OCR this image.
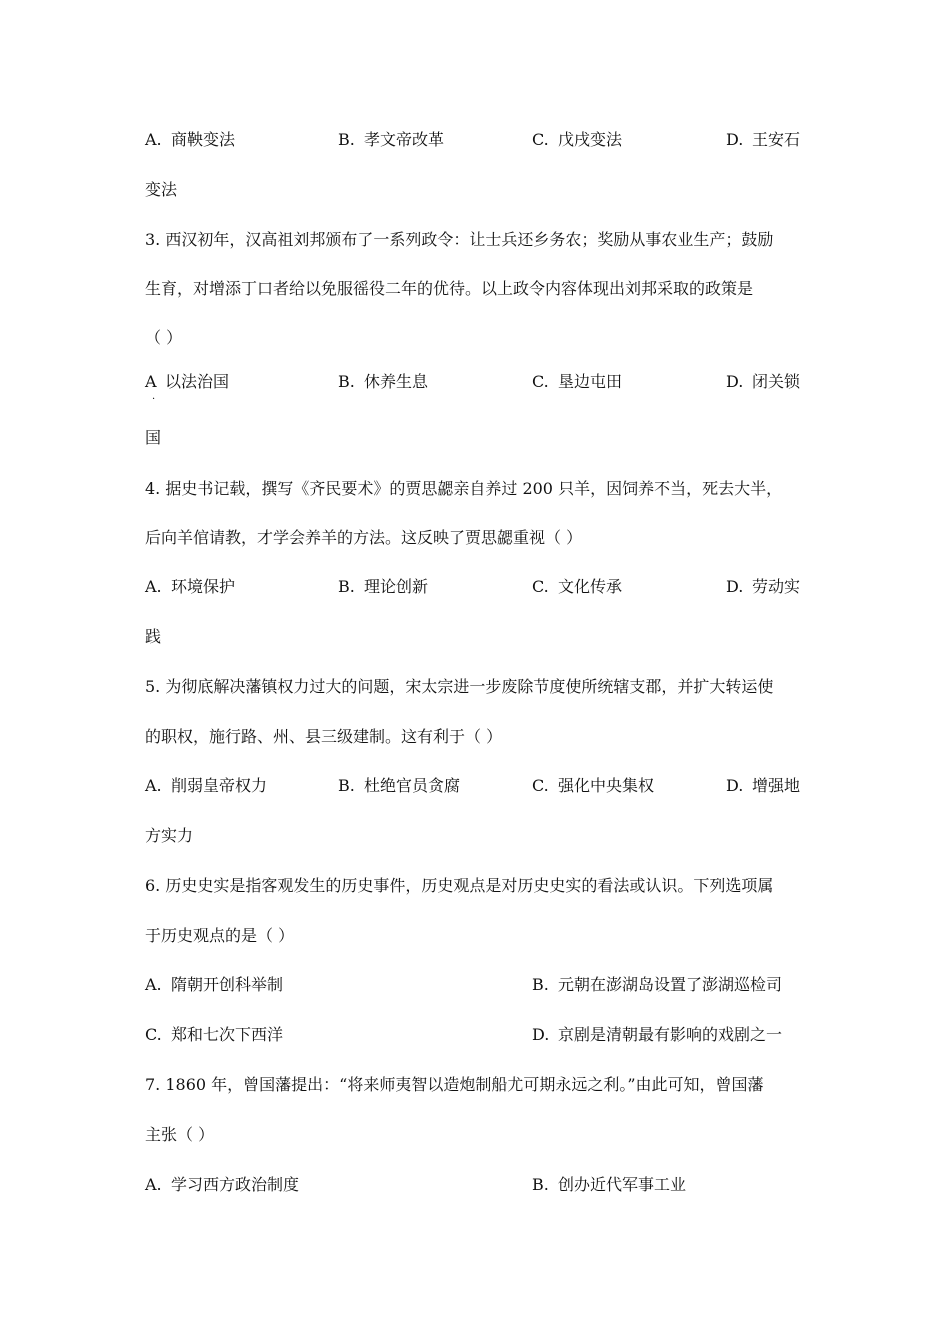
A. 商鞅变法	B. 孝文帝改革	C. 戊戌变法	D. 王安石
变法
3. 西汉初年，汉高祖刘邦颁布了一系列政令：让士兵还乡务农；奖励从事农业生产；鼓励
生育，对增添丁口者给以免服徭役二年的优待。以上政令内容体现出刘邦采取的政策是
（ ）
A 以法治国
·
B. 休养生息	C. 垦边屯田	D. 闭关锁
国
4. 据史书记载，撰写《齐民要术》的贾思勰亲自养过 200 只羊，因饲养不当，死去大半，
后向羊倌请教，才学会养羊的方法。这反映了贾思勰重视（ ）
A. 环境保护	B. 理论创新	C. 文化传承	D. 劳动实
践
5. 为彻底解决藩镇权力过大的问题，宋太宗进一步废除节度使所统辖支郡，并扩大转运使
的职权，施行路、州、县三级建制。这有利于（ ）
A. 削弱皇帝权力	B. 杜绝官员贪腐	C. 强化中央集权	D. 增强地
方实力
6. 历史史实是指客观发生的历史事件，历史观点是对历史史实的看法或认识。下列选项属
于历史观点的是（ ）
A. 隋朝开创科举制	B. 元朝在澎湖岛设置了澎湖巡检司
C. 郑和七次下西洋	D. 京剧是清朝最有影响的戏剧之一
7. 1860 年，曾国藩提出：“将来师夷智以造炮制船尤可期永远之利。”由此可知，曾国藩
主张（ ）
A. 学习西方政治制度	B. 创办近代军事工业
